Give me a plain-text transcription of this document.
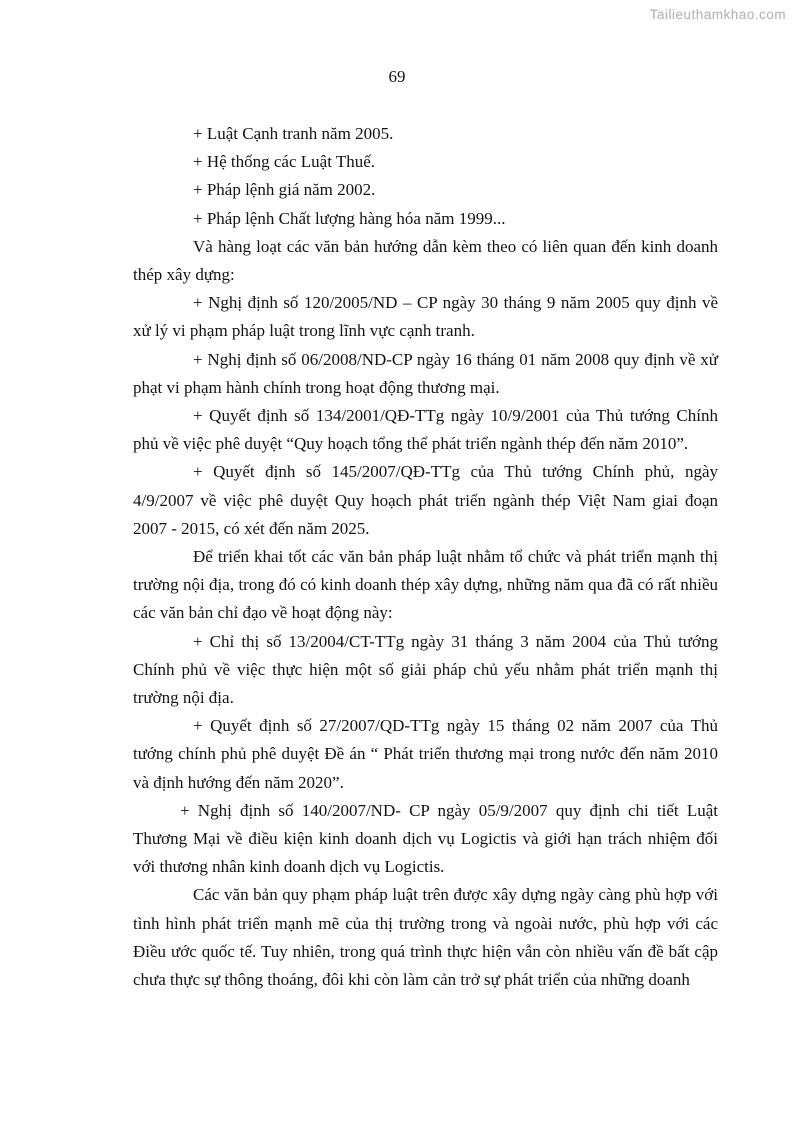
Tailieuthamkhao.com
69

+ Luật Cạnh tranh năm 2005.

+ Hệ thống các Luật Thuế.

+ Pháp lệnh giá năm 2002.

+ Pháp lệnh Chất lượng hàng hóa năm 1999...

Và hàng loạt các văn bản hướng dẫn kèm theo có liên quan đến kinh doanh thép xây dựng:

+ Nghị định số 120/2005/ND – CP ngày 30 tháng 9 năm 2005 quy định về xử lý vi phạm pháp luật trong lĩnh vực cạnh tranh.

+ Nghị định số 06/2008/ND-CP ngày 16 tháng 01 năm 2008 quy định về xử phạt vi phạm hành chính trong hoạt động thương mại.

+ Quyết định số 134/2001/QĐ-TTg ngày 10/9/2001 của Thủ tướng Chính phủ về việc phê duyệt “Quy hoạch tổng thể phát triển ngành thép đến năm 2010”.

+ Quyết định số 145/2007/QĐ-TTg của Thủ tướng Chính phủ, ngày 4/9/2007 về việc phê duyệt Quy hoạch phát triển ngành thép Việt Nam giai đoạn 2007 - 2015, có xét đến năm 2025.

Để triển khai tốt các văn bản pháp luật nhằm tổ chức và phát triển mạnh thị trường nội địa, trong đó có kinh doanh thép xây dựng, những năm qua đã có rất nhiều các văn bản chỉ đạo về hoạt động này:

+ Chỉ thị số 13/2004/CT-TTg ngày 31 tháng 3 năm 2004 của Thủ tướng Chính phủ về việc thực hiện một số giải pháp chủ yếu nhằm phát triển mạnh thị trường nội địa.

+ Quyết định số 27/2007/QD-TTg ngày 15 tháng 02 năm 2007 của Thủ tướng chính phủ phê duyệt Đề án “ Phát triển thương mại trong nước đến năm 2010 và định hướng đến năm 2020”.

+ Nghị định số 140/2007/ND- CP ngày 05/9/2007 quy định chi tiết Luật Thương Mại về điều kiện kinh doanh dịch vụ Logictis và giới hạn trách nhiệm đối với thương nhân kinh doanh dịch vụ Logictis.

Các văn bản quy phạm pháp luật trên được xây dựng ngày càng phù hợp với tình hình phát triển mạnh mẽ của thị trường trong và ngoài nước, phù hợp với các Điều ước quốc tế. Tuy nhiên, trong quá trình thực hiện vẫn còn nhiều vấn đề bất cập chưa thực sự thông thoáng, đôi khi còn làm cản trở sự phát triển của những doanh
